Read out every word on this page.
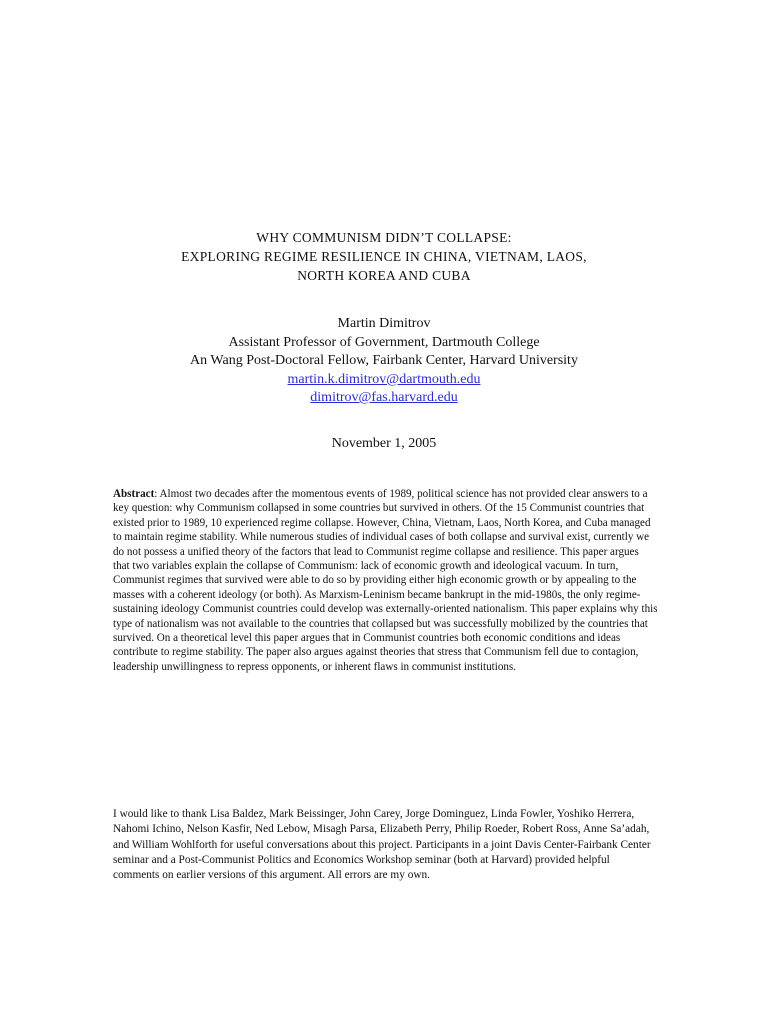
WHY COMMUNISM DIDN’T COLLAPSE:
EXPLORING REGIME RESILIENCE IN CHINA, VIETNAM, LAOS,
NORTH KOREA AND CUBA
Martin Dimitrov
Assistant Professor of Government, Dartmouth College
An Wang Post-Doctoral Fellow, Fairbank Center, Harvard University
martin.k.dimitrov@dartmouth.edu
dimitrov@fas.harvard.edu
November 1, 2005
Abstract: Almost two decades after the momentous events of 1989, political science has not provided clear answers to a key question: why Communism collapsed in some countries but survived in others. Of the 15 Communist countries that existed prior to 1989, 10 experienced regime collapse. However, China, Vietnam, Laos, North Korea, and Cuba managed to maintain regime stability. While numerous studies of individual cases of both collapse and survival exist, currently we do not possess a unified theory of the factors that lead to Communist regime collapse and resilience. This paper argues that two variables explain the collapse of Communism: lack of economic growth and ideological vacuum. In turn, Communist regimes that survived were able to do so by providing either high economic growth or by appealing to the masses with a coherent ideology (or both). As Marxism-Leninism became bankrupt in the mid-1980s, the only regime-sustaining ideology Communist countries could develop was externally-oriented nationalism. This paper explains why this type of nationalism was not available to the countries that collapsed but was successfully mobilized by the countries that survived. On a theoretical level this paper argues that in Communist countries both economic conditions and ideas contribute to regime stability. The paper also argues against theories that stress that Communism fell due to contagion, leadership unwillingness to repress opponents, or inherent flaws in communist institutions.
I would like to thank Lisa Baldez, Mark Beissinger, John Carey, Jorge Dominguez, Linda Fowler, Yoshiko Herrera, Nahomi Ichino, Nelson Kasfir, Ned Lebow, Misagh Parsa, Elizabeth Perry, Philip Roeder, Robert Ross, Anne Sa’adah, and William Wohlforth for useful conversations about this project. Participants in a joint Davis Center-Fairbank Center seminar and a Post-Communist Politics and Economics Workshop seminar (both at Harvard) provided helpful comments on earlier versions of this argument. All errors are my own.
